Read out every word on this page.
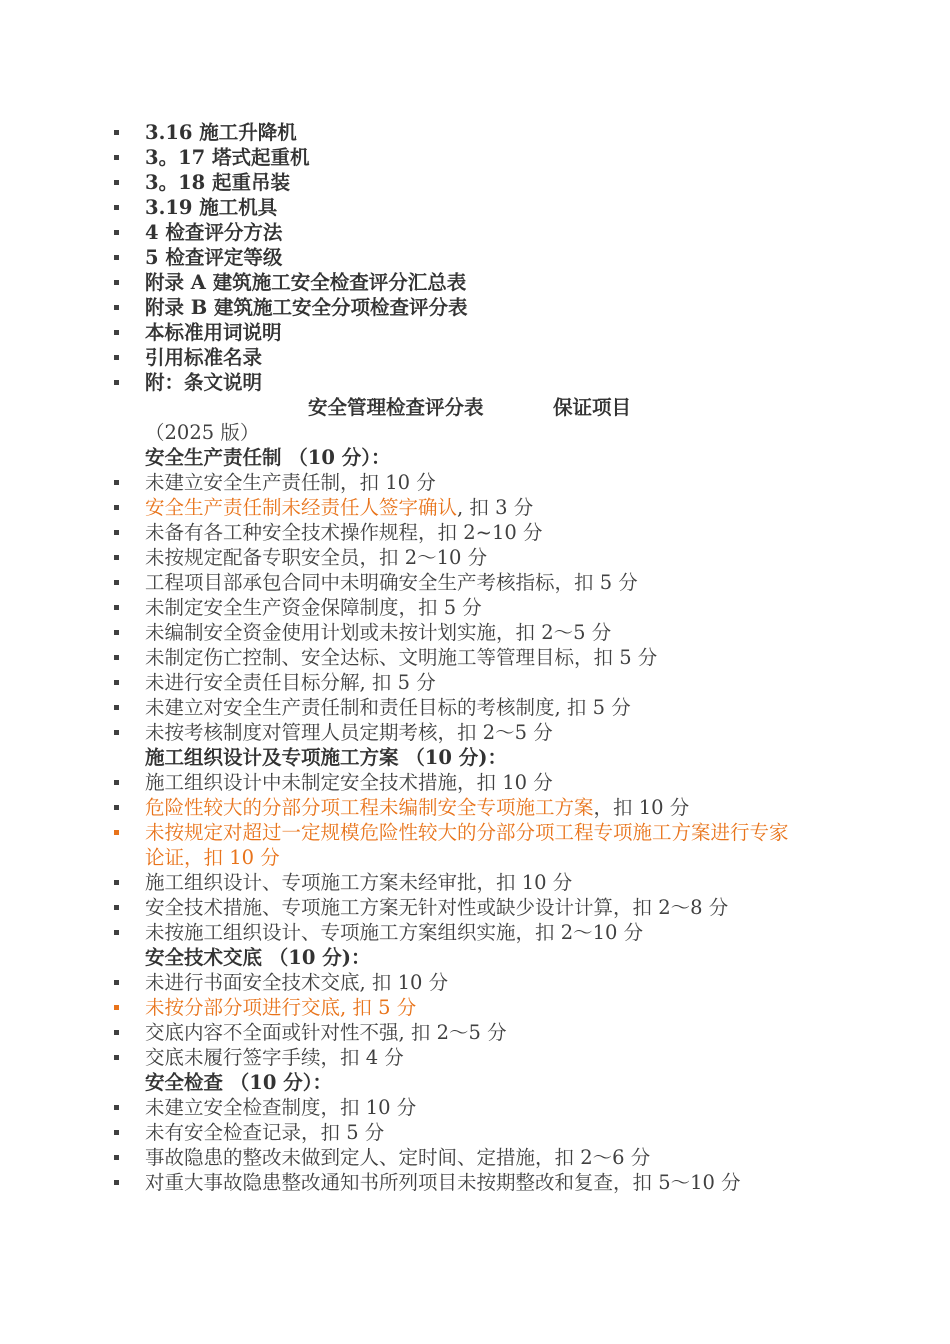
3.16 施工升降机
3。17 塔式起重机
3。18 起重吊装
3.19 施工机具
4 检查评分方法
5 检查评定等级
附录 A 建筑施工安全检查评分汇总表
附录 B 建筑施工安全分项检查评分表
本标准用词说明
引用标准名录
附：条文说明
安全管理检查评分表	保证项目
（2025 版）
安全生产责任制 （10 分）：
未建立安全生产责任制，扣 10 分
安全生产责任制未经责任人签字确认, 扣 3 分
未备有各工种安全技术操作规程，扣 2~10 分
未按规定配备专职安全员，扣 2～10 分
工程项目部承包合同中未明确安全生产考核指标，扣 5 分
未制定安全生产资金保障制度，扣 5 分
未编制安全资金使用计划或未按计划实施，扣 2～5 分
未制定伤亡控制、安全达标、文明施工等管理目标，扣 5 分
未进行安全责任目标分解, 扣 5 分
未建立对安全生产责任制和责任目标的考核制度, 扣 5 分
未按考核制度对管理人员定期考核，扣 2～5 分
施工组织设计及专项施工方案 （10 分)：
施工组织设计中未制定安全技术措施，扣 10 分
危险性较大的分部分项工程未编制安全专项施工方案，扣 10 分
未按规定对超过一定规模危险性较大的分部分项工程专项施工方案进行专家论证，扣 10 分
施工组织设计、专项施工方案未经审批，扣 10 分
安全技术措施、专项施工方案无针对性或缺少设计计算，扣 2～8 分
未按施工组织设计、专项施工方案组织实施，扣 2～10 分
安全技术交底 （10 分)：
未进行书面安全技术交底, 扣 10 分
未按分部分项进行交底, 扣 5 分
交底内容不全面或针对性不强, 扣 2～5 分
交底未履行签字手续，扣 4 分
安全检查 （10 分）：
未建立安全检查制度，扣 10 分
未有安全检查记录，扣 5 分
事故隐患的整改未做到定人、定时间、定措施，扣 2～6 分
对重大事故隐患整改通知书所列项目未按期整改和复查，扣 5～10 分
